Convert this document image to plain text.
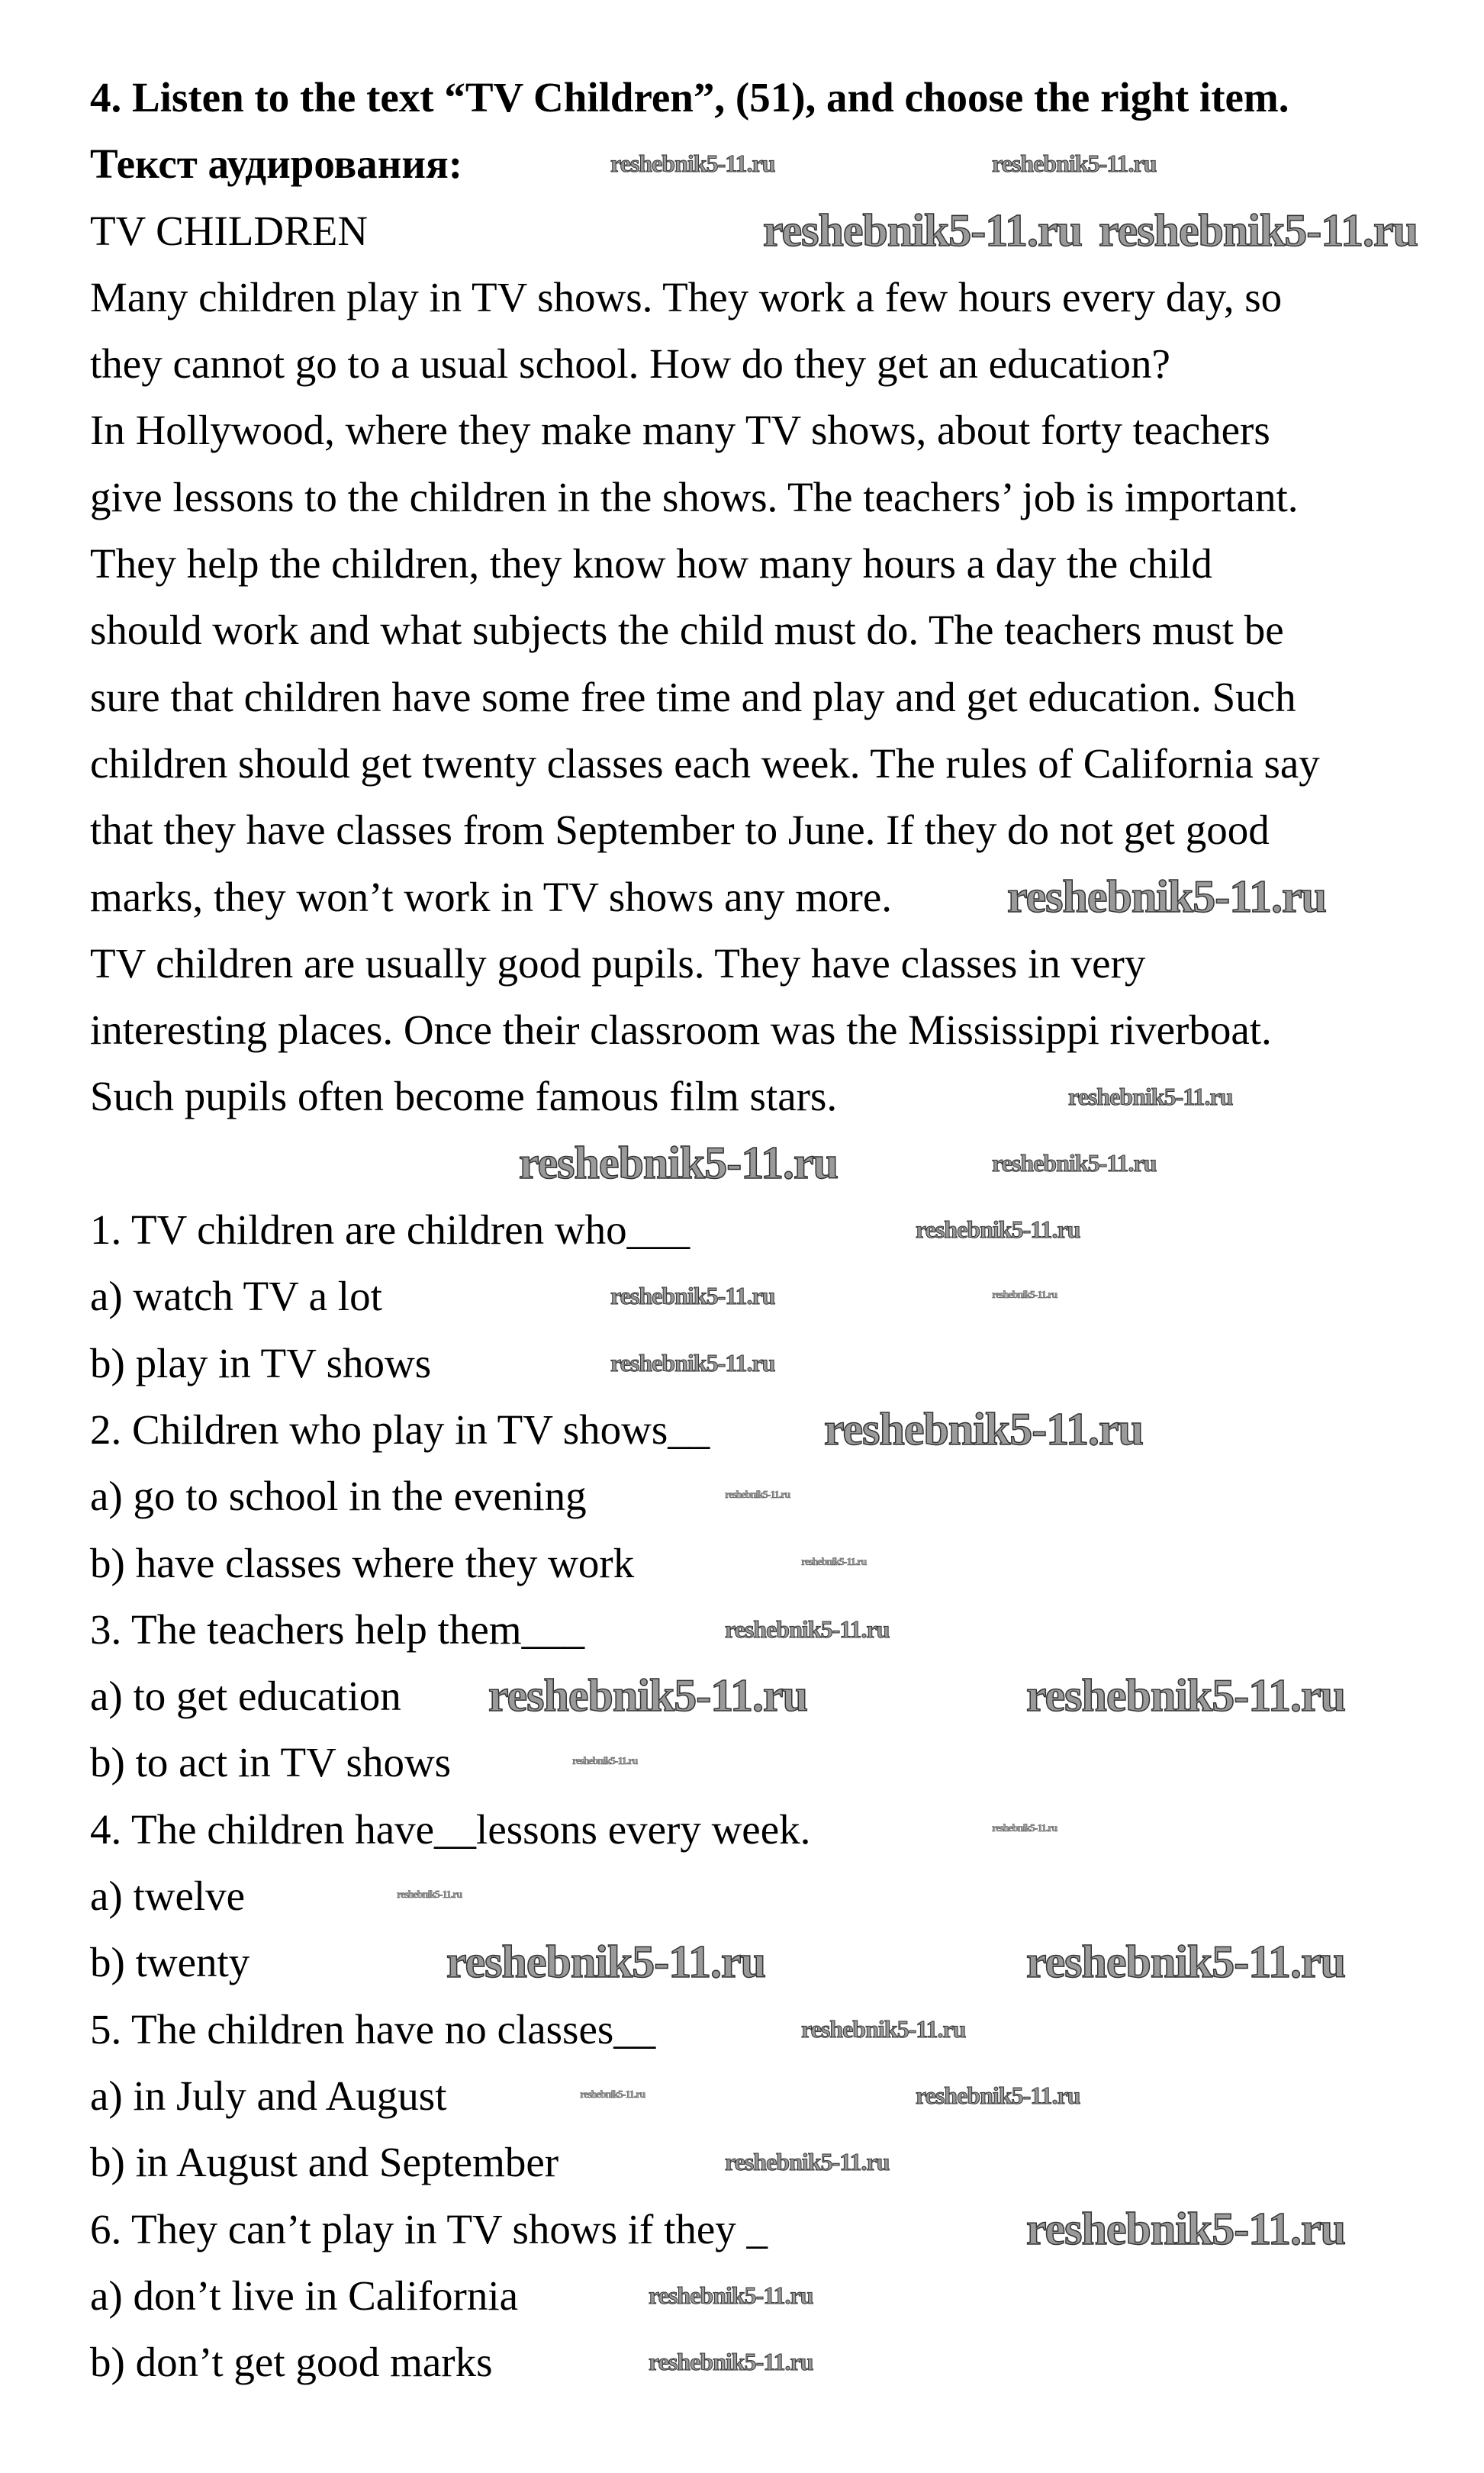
4. Listen to the text “TV Children”, (51), and choose the right item.
Текст аудирования:
TV CHILDREN
Many children play in TV shows. They work a few hours every day, so
they cannot go to a usual school. How do they get an education?
In Hollywood, where they make many TV shows, about forty teachers
give lessons to the children in the shows. The teachers’ job is important.
They help the children, they know how many hours a day the child
should work and what subjects the child must do. The teachers must be
sure that children have some free time and play and get education. Such
children should get twenty classes each week. The rules of California say
that they have classes from September to June. If they do not get good
marks, they won’t work in TV shows any more.
TV children are usually good pupils. They have classes in very
interesting places. Once their classroom was the Mississippi riverboat.
Such pupils often become famous film stars.
1. TV children are children who___
a) watch TV a lot
b) play in TV shows
2. Children who play in TV shows__
a) go to school in the evening
b) have classes where they work
3. The teachers help them___
a) to get education
b) to act in TV shows
4. The children have__lessons every week.
a) twelve
b) twenty
5. The children have no classes__
a) in July and August
b) in August and September
6. They can’t play in TV shows if they _
a) don’t live in California
b) don’t get good marks
reshebnik5-11.ru	reshebnik5-11.ru
reshebnik5-11.ru reshebnik5-11.ru
reshebnik5-11.ru
reshebnik5-11.ru
reshebnik5-11.ru	reshebnik5-11.ru
reshebnik5-11.ru
reshebnik5-11.ru	reshebnik5-11.ru
reshebnik5-11.ru
reshebnik5-11.ru
reshebnik5-11.ru
reshebnik5-11.ru
reshebnik5-11.ru
reshebnik5-11.ru	reshebnik5-11.ru
reshebnik5-11.ru
reshebnik5-11.ru
reshebnik5-11.ru
reshebnik5-11.ru	reshebnik5-11.ru
reshebnik5-11.ru
reshebnik5-11.ru	reshebnik5-11.ru
reshebnik5-11.ru
reshebnik5-11.ru
reshebnik5-11.ru
reshebnik5-11.ru
